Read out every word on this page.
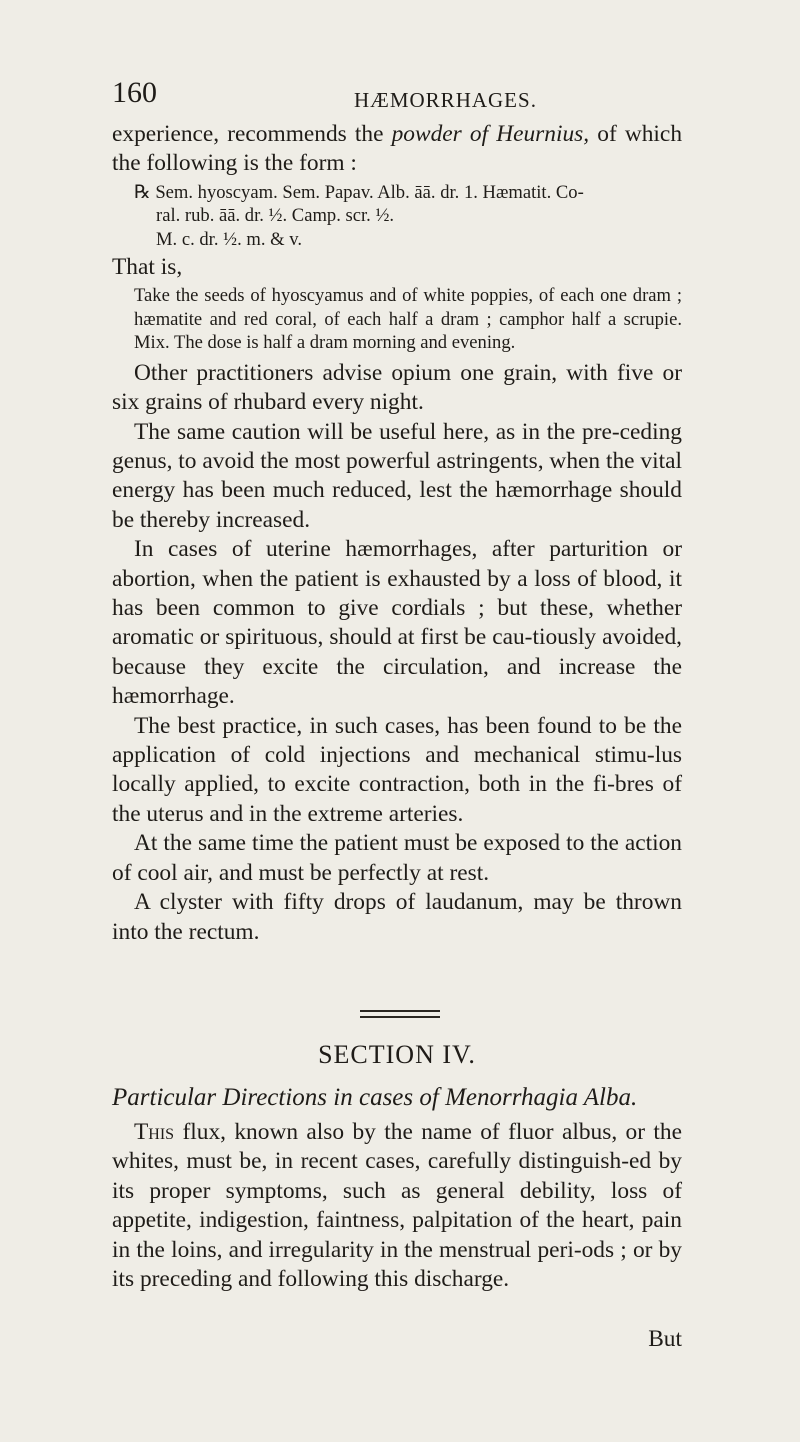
160	HÆMORRHAGES.

experience, recommends the powder of Heurnius, of which the following is the form :

℞ Sem. hyoscyam. Sem. Papav. Alb. āā. dr. 1. Hæmatit. Co-

ral. rub. āā. dr. ½. Camp. scr. ½.

M. c. dr. ½. m. & v.

That is,

Take the seeds of hyoscyamus and of white poppies, of each one dram ; hæmatite and red coral, of each half a dram ; camphor half a scrupie. Mix. The dose is half a dram morning and evening.

Other practitioners advise opium one grain, with five or six grains of rhubard every night.

The same caution will be useful here, as in the pre-ceding genus, to avoid the most powerful astringents, when the vital energy has been much reduced, lest the hæmorrhage should be thereby increased.

In cases of uterine hæmorrhages, after parturition or abortion, when the patient is exhausted by a loss of blood, it has been common to give cordials ; but these, whether aromatic or spirituous, should at first be cau-tiously avoided, because they excite the circulation, and increase the hæmorrhage.

The best practice, in such cases, has been found to be the application of cold injections and mechanical stimu-lus locally applied, to excite contraction, both in the fi-bres of the uterus and in the extreme arteries.

At the same time the patient must be exposed to the action of cool air, and must be perfectly at rest.

A clyster with fifty drops of laudanum, may be thrown into the rectum.

SECTION IV.
Particular Directions in cases of Menorrhagia Alba.

This flux, known also by the name of fluor albus, or the whites, must be, in recent cases, carefully distinguish-ed by its proper symptoms, such as general debility, loss of appetite, indigestion, faintness, palpitation of the heart, pain in the loins, and irregularity in the menstrual peri-ods ; or by its preceding and following this discharge.

But
